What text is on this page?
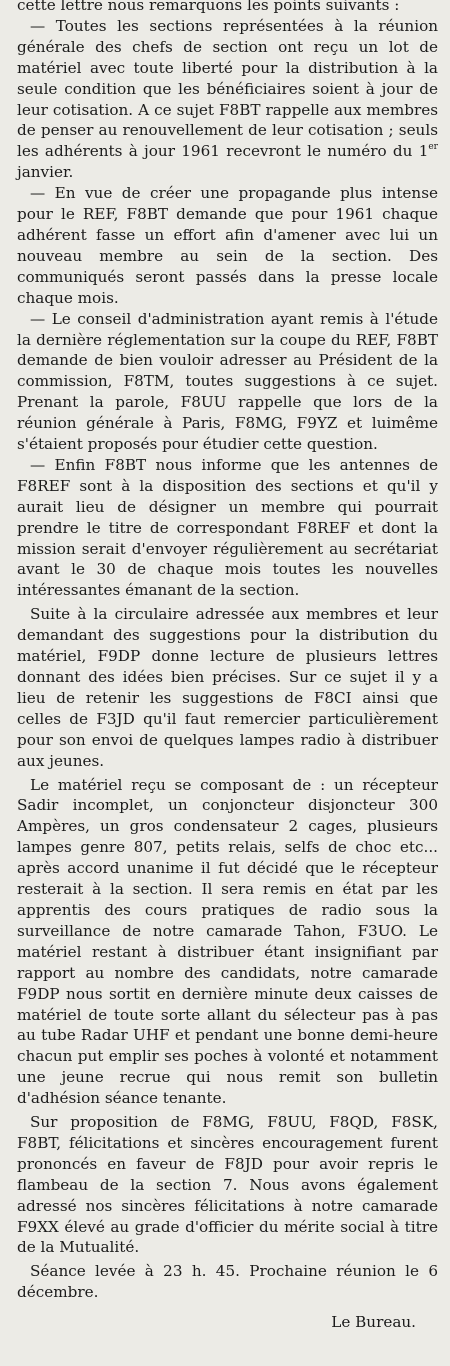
cette lettre nous remarquons les points suivants :

— Toutes les sections représentées à la réunion générale des chefs de section ont reçu un lot de matériel avec toute liberté pour la distribution à la seule condition que les bénéficiaires soient à jour de leur cotisation. A ce sujet F8BT rappelle aux membres de penser au renouvellement de leur cotisation ; seuls les adhérents à jour 1961 recevront le numéro du 1er janvier.

— En vue de créer une propagande plus intense pour le REF, F8BT demande que pour 1961 chaque adhérent fasse un effort afin d'amener avec lui un nouveau membre au sein de la section. Des communiqués seront passés dans la presse locale chaque mois.

— Le conseil d'administration ayant remis à l'étude la dernière réglementation sur la coupe du REF, F8BT demande de bien vouloir adresser au Président de la commission, F8TM, toutes suggestions à ce sujet. Prenant la parole, F8UU rappelle que lors de la réunion générale à Paris, F8MG, F9YZ et luimême s'étaient proposés pour étudier cette question.

— Enfin F8BT nous informe que les antennes de F8REF sont à la disposition des sections et qu'il y aurait lieu de désigner un membre qui pourrait prendre le titre de correspondant F8REF et dont la mission serait d'envoyer régulièrement au secrétariat avant le 30 de chaque mois toutes les nouvelles intéressantes émanant de la section.

Suite à la circulaire adressée aux membres et leur demandant des suggestions pour la distribution du matériel, F9DP donne lecture de plusieurs lettres donnant des idées bien précises. Sur ce sujet il y a lieu de retenir les suggestions de F8CI ainsi que celles de F3JD qu'il faut remercier particulièrement pour son envoi de quelques lampes radio à distribuer aux jeunes.

Le matériel reçu se composant de : un récepteur Sadir incomplet, un conjoncteur disjoncteur 300 Ampères, un gros condensateur 2 cages, plusieurs lampes genre 807, petits relais, selfs de choc etc... après accord unanime il fut décidé que le récepteur resterait à la section. Il sera remis en état par les apprentis des cours pratiques de radio sous la surveillance de notre camarade Tahon, F3UO. Le matériel restant à distribuer étant insignifiant par rapport au nombre des candidats, notre camarade F9DP nous sortit en dernière minute deux caisses de matériel de toute sorte allant du sélecteur pas à pas au tube Radar UHF et pendant une bonne demi-heure chacun put emplir ses poches à volonté et notamment une jeune recrue qui nous remit son bulletin d'adhésion séance tenante.

Sur proposition de F8MG, F8UU, F8QD, F8SK, F8BT, félicitations et sincères encouragement furent prononcés en faveur de F8JD pour avoir repris le flambeau de la section 7. Nous avons également adressé nos sincères félicitations à notre camarade F9XX élevé au grade d'officier du mérite social à titre de la Mutualité.

Séance levée à 23 h. 45. Prochaine réunion le 6 décembre.

Le Bureau.
